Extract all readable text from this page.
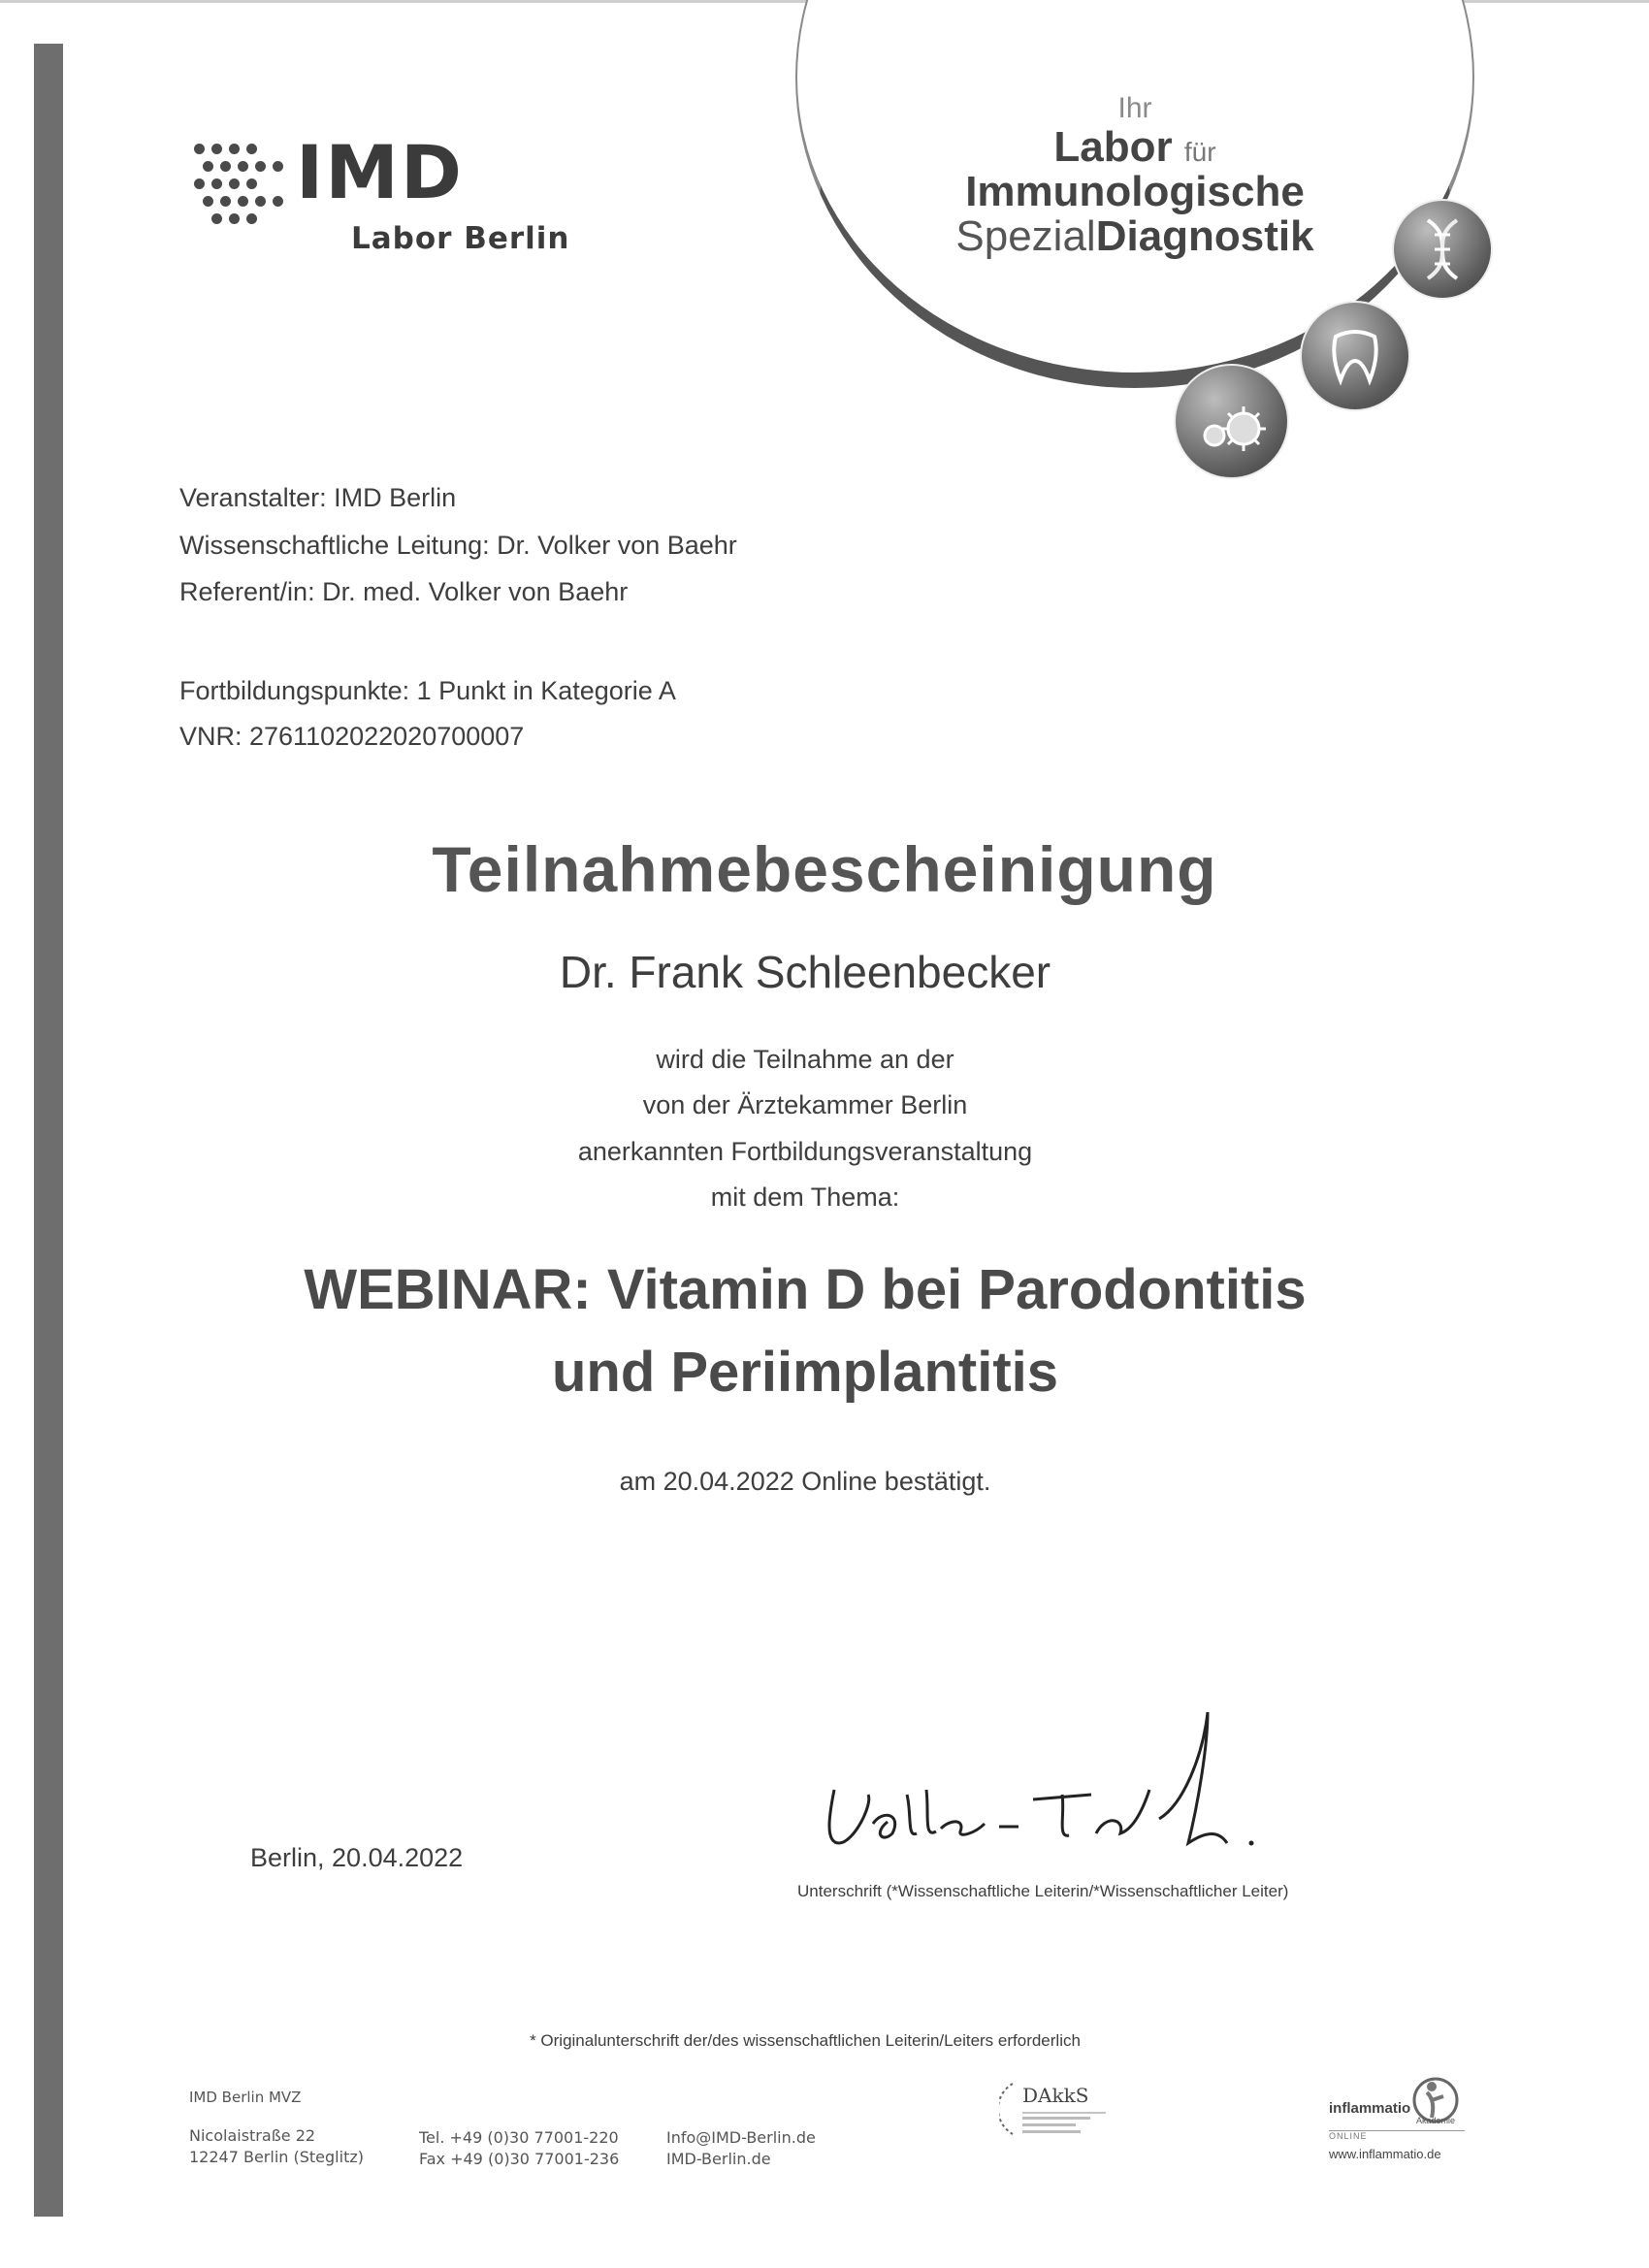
IMD
Labor Berlin
Ihr
Labor für
Immunologische
SpezialDiagnostik
Veranstalter: IMD Berlin
Wissenschaftliche Leitung: Dr. Volker von Baehr
Referent/in: Dr. med. Volker von Baehr
Fortbildungspunkte: 1 Punkt in Kategorie A
VNR: 2761102022020700007
Teilnahmebescheinigung
Dr. Frank Schleenbecker
wird die Teilnahme an der
von der Ärztekammer Berlin
anerkannten Fortbildungsveranstaltung
mit dem Thema:
WEBINAR: Vitamin D bei Parodontitis
und Periimplantitis
am 20.04.2022 Online bestätigt.
Berlin, 20.04.2022
Unterschrift (*Wissenschaftliche Leiterin/*Wissenschaftlicher Leiter)
* Originalunterschrift der/des wissenschaftlichen Leiterin/Leiters erforderlich
IMD Berlin MVZ
Nicolaistraße 22
12247 Berlin (Steglitz)
Tel. +49 (0)30 77001-220
Fax +49 (0)30 77001-236
Info@IMD-Berlin.de
IMD-Berlin.de
DAkkS
inflammatio
Akademie
ONLINE
www.inflammatio.de
